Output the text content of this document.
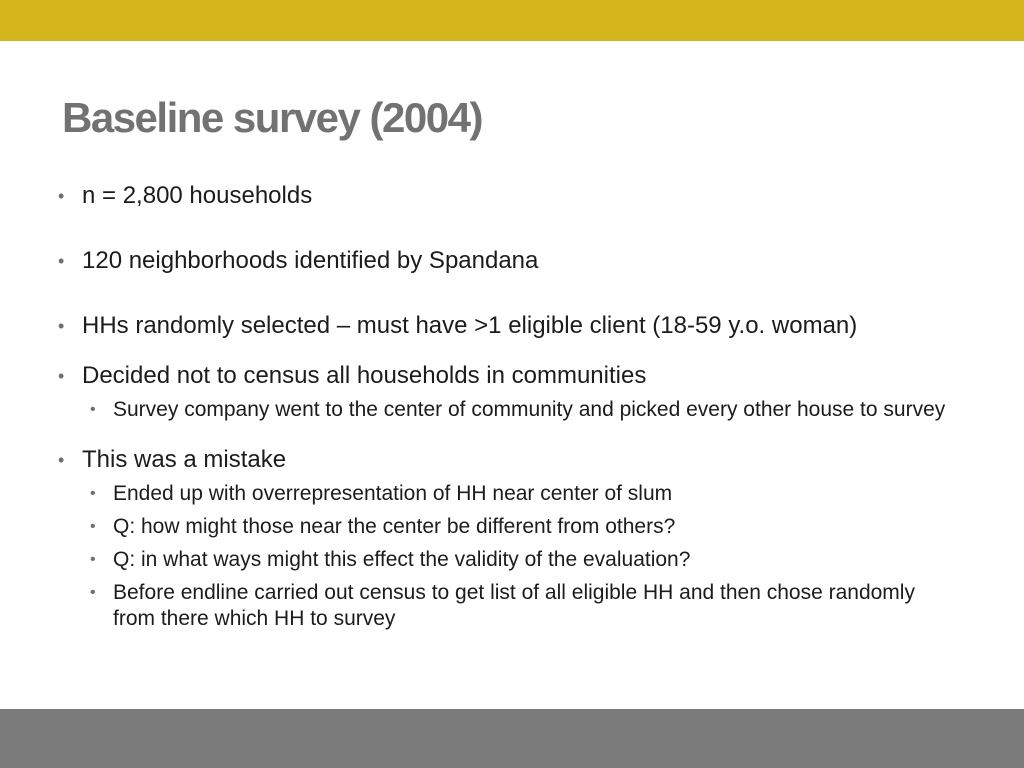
Baseline survey (2004)
• n = 2,800 households
• 120 neighborhoods identified by Spandana
• HHs randomly selected – must have >1 eligible client (18-59 y.o. woman)
• Decided not to census all households in communities
• Survey company went to the center of community and picked every other house to survey
• This was a mistake
• Ended up with overrepresentation of HH near center of slum
• Q: how might those near the center be different from others?
• Q: in what ways might this effect the validity of the evaluation?
• Before endline carried out census to get list of all eligible HH and then chose randomly from there which HH to survey
